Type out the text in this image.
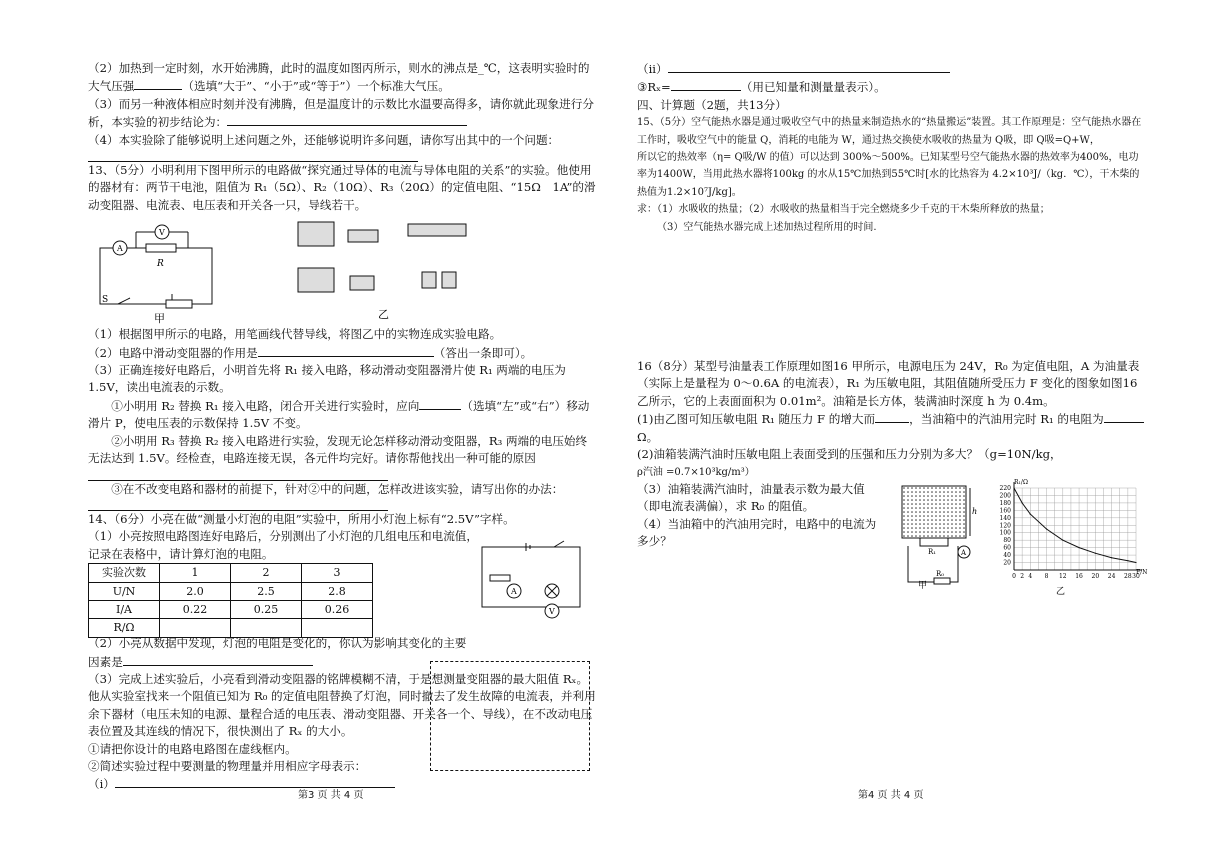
（2）加热到一定时刻，水开始沸腾，此时的温度如图丙所示，则水的沸点是_℃，这表明实验时的大气压强	（选填“大于”、“小于”或“等于”）一个标准大气压。

（3）而另一种液体相应时刻并没有沸腾，但是温度计的示数比水温要高得多，请你就此现象进行分析，本实验的初步结论为：

（4）本实验除了能够说明上述问题之外，还能够说明许多问题，请你写出其中的一个问题：

13、（5分）小明利用下图甲所示的电路做“探究通过导体的电流与导体电阻的关系”的实验。他使用的器材有：两节干电池，阻值为 R₁（5Ω）、R₂（10Ω）、R₃（20Ω）的定值电阻、“15Ω　1A”的滑动变阻器、电流表、电压表和开关各一只，导线若干。

A
V
R
S
甲	乙

（1）根据图甲所示的电路，用笔画线代替导线，将图乙中的实物连成实验电路。

（2）电路中滑动变阻器的作用是	（答出一条即可）。

（3）正确连接好电路后，小明首先将 R₁ 接入电路，移动滑动变阻器滑片使 R₁ 两端的电压为 1.5V，读出电流表的示数。

①小明用 R₂ 替换 R₁ 接入电路，闭合开关进行实验时，应向	（选填“左”或“右”）移动滑片 P，使电压表的示数保持 1.5V 不变。

②小明用 R₃ 替换 R₂ 接入电路进行实验，发现无论怎样移动滑动变阻器，R₃ 两端的电压始终无法达到 1.5V。经检查，电路连接无误，各元件均完好。请你帮他找出一种可能的原因

③在不改变电路和器材的前提下，针对②中的问题，怎样改进该实验，请写出你的办法：

14、（6分）小亮在做“测量小灯泡的电阻”实验中，所用小灯泡上标有“2.5V”字样。

（1）小亮按照电路图连好电路后，分别测出了小灯泡的几组电压和电流值，记录在表格中，请计算灯泡的电阻。

实验次数	1	2	3
U/N	2.0	2.5	2.8
I/A	0.22	0.25	0.26
R/Ω			
A
V

（2）小亮从数据中发现，灯泡的电阻是变化的，你认为影响其变化的主要因素是

（3）完成上述实验后，小亮看到滑动变阻器的铭牌模糊不清，于是想测量变阻器的最大阻值 Rₓ。他从实验室找来一个阻值已知为 R₀ 的定值电阻替换了灯泡，同时撤去了发生故障的电流表，并利用余下器材（电压未知的电源、量程合适的电压表、滑动变阻器、开关各一个、导线），在不改动电压表位置及其连线的情况下，很快测出了 Rₓ 的大小。

①请把你设计的电路电路图在虚线框内。

②简述实验过程中要测量的物理量并用相应字母表示：

（i）

（ii）

③Rₓ=	（用已知量和测量量表示）。

四、计算题（2题，共13分）

15、（5分）空气能热水器是通过吸收空气中的热量来制造热水的“热量搬运”装置。其工作原理是：空气能热水器在工作时，吸收空气中的能量 Q，消耗的电能为 W，通过热交换使水吸收的热量为 Q吸，即 Q吸=Q+W，

所以它的热效率（η= Q吸/W 的值）可以达到 300%～500%。已知某型号空气能热水器的热效率为400%，电功

率为1400W，当用此热水器将100kg 的水从15℃加热到55℃时[水的比热容为 4.2×10³J/（kg．℃），干木柴的热值为1.2×10⁷J/kg]。

求：（1）水吸收的热量；（2）水吸收的热量相当于完全燃烧多少千克的干木柴所释放的热量；

（3）空气能热水器完成上述加热过程所用的时间.

16（8分）某型号油量表工作原理如图16 甲所示，电源电压为 24V，R₀ 为定值电阻，A 为油量表（实际上是量程为 0～0.6A 的电流表），R₁ 为压敏电阻，其阻值随所受压力 F 变化的图象如图16 乙所示，它的上表面面积为 0.01m²。油箱是长方体，装满油时深度 h 为 0.4m。

(1)由乙图可知压敏电阻 R₁ 随压力 F 的增大而	，当油箱中的汽油用完时 R₁ 的电阻为Ω。

(2)油箱装满汽油时压敏电阻上表面受到的压强和压力分别为多大？（g=10N/kg，

ρ汽油 =0.7×10³kg/m³）

（3）油箱装满汽油时，油量表示数为最大值（即电流表满偏），求 R₀ 的阻值。

（4）当油箱中的汽油用完时，电路中的电流为多少？

h
R₁	A
R₀
甲
20
40
60
80
100
120
140
160
180
200
220
0 2 4 8 12 16 20 24 28 30
R₁/Ω
F/N
乙
第3 页 共 4 页	第4 页 共 4 页
